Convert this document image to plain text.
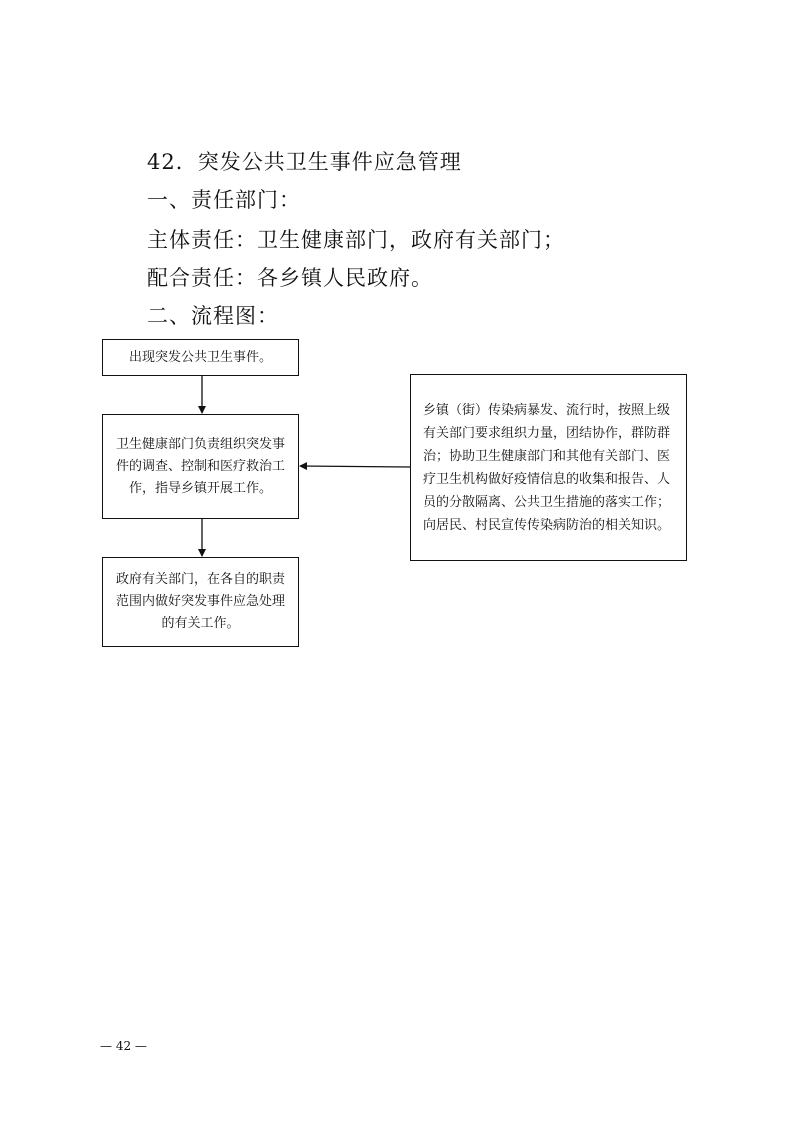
42．突发公共卫生事件应急管理
一、责任部门：
主体责任：卫生健康部门，政府有关部门；
配合责任：各乡镇人民政府。
二、流程图：
出现突发公共卫生事件。
卫生健康部门负责组织突发事件的调查、控制和医疗救治工作，指导乡镇开展工作。
政府有关部门，在各自的职责范围内做好突发事件应急处理的有关工作。
乡镇（街）传染病暴发、流行时，按照上级有关部门要求组织力量，团结协作，群防群治；协助卫生健康部门和其他有关部门、医疗卫生机构做好疫情信息的收集和报告、人员的分散隔离、公共卫生措施的落实工作；向居民、村民宣传传染病防治的相关知识。
— 42 —
